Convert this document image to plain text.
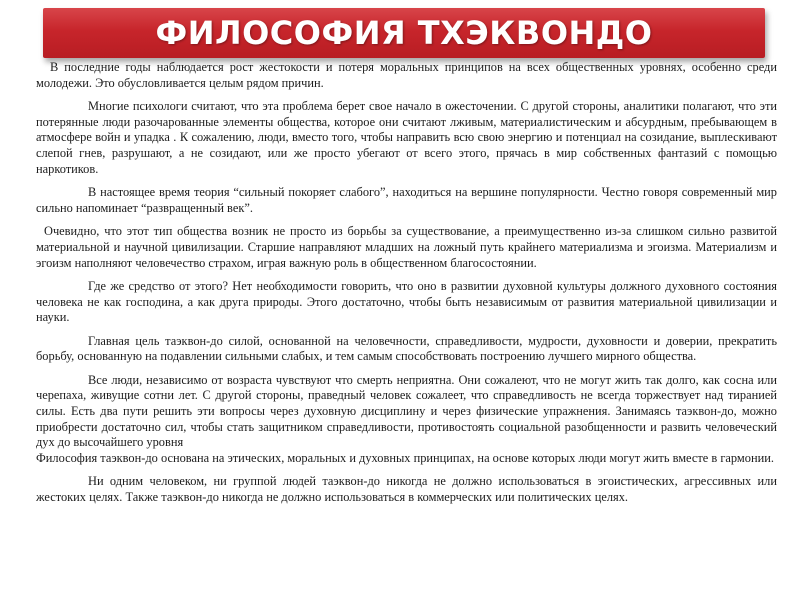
ФИЛОСОФИЯ ТХЭКВОНДО

В последние годы наблюдается рост жестокости и потеря моральных принципов на всех общественных уровнях, особенно среди молодежи. Это обусловливается целым рядом причин.

Многие психологи считают, что эта проблема берет свое начало в ожесточении. С другой стороны, аналитики полагают, что эти потерянные люди разочарованные элементы общества, которое они считают лживым, материалистическим и абсурдным, пребывающем в атмосфере войн и упадка . К сожалению, люди, вместо того, чтобы направить всю свою энергию и потенциал на созидание, выплескивают слепой гнев, разрушают, а не созидают, или же просто убегают от всего этого, прячась в мир собственных фантазий с помощью наркотиков.

В настоящее время теория “сильный покоряет слабого”, находиться на вершине популярности. Честно говоря современный мир сильно напоминает “развращенный век”.

Очевидно, что этот тип общества возник не просто из борьбы за существование, а преимущественно из-за слишком сильно развитой материальной и научной цивилизации. Старшие направляют младших на ложный путь крайнего материализма и эгоизма. Материализм и эгоизм наполняют человечество страхом, играя важную роль в общественном благосостоянии.

Где же средство от этого? Нет необходимости говорить, что оно в развитии духовной культуры должного духовного состояния человека не как господина, а как друга природы. Этого достаточно, чтобы быть независимым от развития материальной цивилизации и науки.

Главная цель таэквон-до силой, основанной на человечности, справедливости, мудрости, духовности и доверии, прекратить борьбу, основанную на подавлении сильными слабых, и тем самым способствовать построению лучшего мирного общества.

Все люди, независимо от возраста чувствуют что смерть неприятна. Они сожалеют, что не могут жить так долго, как сосна или черепаха, живущие сотни лет. С другой стороны, праведный человек сожалеет, что справедливость не всегда торжествует над тиранией силы. Есть два пути решить эти вопросы через духовную дисциплину и через физические упражнения. Занимаясь таэквон-до, можно приобрести достаточно сил, чтобы стать защитником справедливости, противостоять социальной разобщенности и развить человеческий дух до высочайшего уровня

Философия таэквон-до основана на этических, моральных и духовных принципах, на основе которых люди могут жить вместе в гармонии.

Ни одним человеком, ни группой людей таэквон-до никогда не должно использоваться в эгоистических, агрессивных или жестоких целях. Также таэквон-до никогда не должно использоваться в коммерческих или политических целях.
